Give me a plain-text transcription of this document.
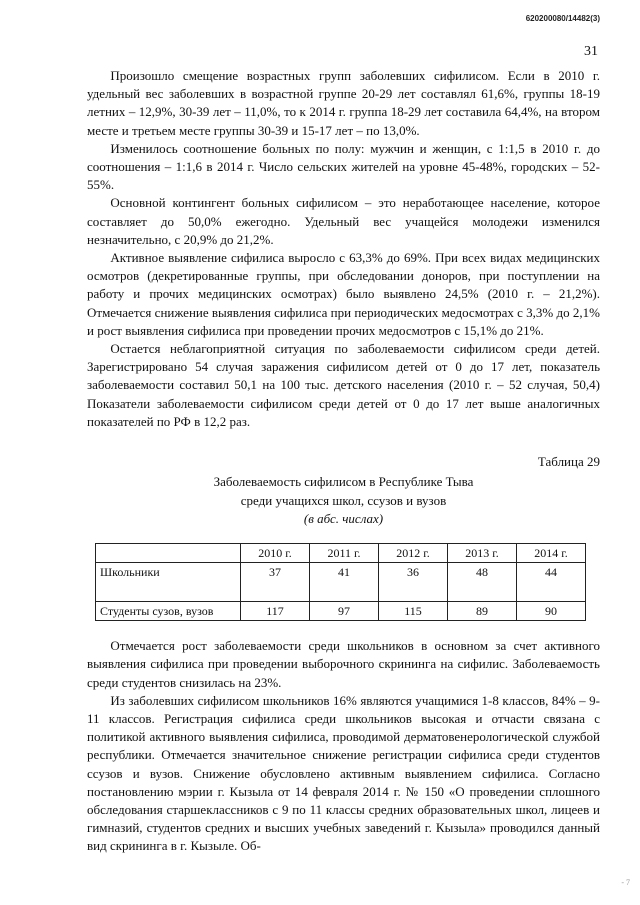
620200080/14482(3)
31

Произошло смещение возрастных групп заболевших сифилисом. Если в 2010 г. удельный вес заболевших в возрастной группе 20-29 лет составлял 61,6%, группы 18-19 летних – 12,9%, 30-39 лет – 11,0%, то к 2014 г. группа 18-29 лет составила 64,4%, на втором месте и третьем месте группы 30-39 и 15-17 лет – по 13,0%.

Изменилось соотношение больных по полу: мужчин и женщин, с 1:1,5 в 2010 г. до соотношения – 1:1,6 в 2014 г. Число сельских жителей на уровне 45-48%, городских – 52-55%.

Основной контингент больных сифилисом – это неработающее население, которое составляет до 50,0% ежегодно. Удельный вес учащейся молодежи изменился незначительно, с 20,9% до 21,2%.

Активное выявление сифилиса выросло с 63,3% до 69%. При всех видах медицинских осмотров (декретированные группы, при обследовании доноров, при поступлении на работу и прочих медицинских осмотрах) было выявлено 24,5% (2010 г. – 21,2%). Отмечается снижение выявления сифилиса при периодических медосмотрах с 3,3% до 2,1% и рост выявления сифилиса при проведении прочих медосмотров с 15,1% до 21%.

Остается неблагоприятной ситуация по заболеваемости сифилисом среди детей. Зарегистрировано 54 случая заражения сифилисом детей от 0 до 17 лет, показатель заболеваемости составил 50,1 на 100 тыс. детского населения (2010 г. – 52 случая, 50,4) Показатели заболеваемости сифилисом среди детей от 0 до 17 лет выше аналогичных показателей по РФ в 12,2 раз.

Таблица 29
Заболеваемость сифилисом в Республике Тыва
среди учащихся школ, ссузов и вузов
(в абс. числах)
	2010 г.	2011 г.	2012 г.	2013 г.	2014 г.
Школьники	37	41	36	48	44
Студенты сузов, вузов	117	97	115	89	90

Отмечается рост заболеваемости среди школьников в основном за счет активного выявления сифилиса при проведении выборочного скрининга на сифилис. Заболеваемость среди студентов снизилась на 23%.

Из заболевших сифилисом школьников 16% являются учащимися 1-8 классов, 84% – 9-11 классов. Регистрация сифилиса среди школьников высокая и отчасти связана с политикой активного выявления сифилиса, проводимой дерматовенерологической службой республики. Отмечается значительное снижение регистрации сифилиса среди студентов ссузов и вузов. Снижение обусловлено активным выявлением сифилиса. Согласно постановлению мэрии г. Кызыла от 14 февраля 2014 г. № 150 «О проведении сплошного обследования старшеклассников с 9 по 11 классы средних образовательных школ, лицеев и гимназий, студентов средних и высших учебных заведений г. Кызыла» проводился данный вид скрининга в г. Кызыле. Об-

- 7
